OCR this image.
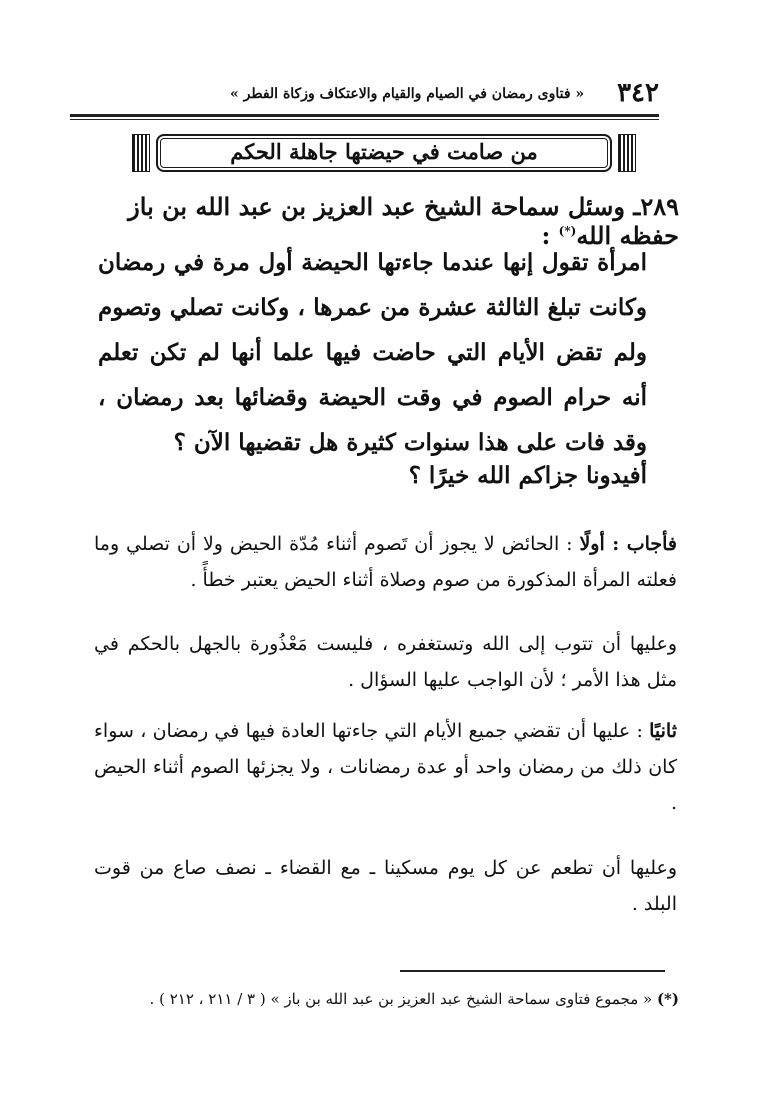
٣٤٢
« فتاوى رمضان في الصيام والقيام والاعتكاف وزكاة الفطر »
من صامت في حيضتها جاهلة الحكم
٢٨٩ـ وسئل سماحة الشيخ عبد العزيز بن عبد الله بن باز حفظه الله(*) :
امرأة تقول إنها عندما جاءتها الحيضة أول مرة في رمضان وكانت تبلغ الثالثة عشرة من عمرها ، وكانت تصلي وتصوم ولم تقض الأيام التي حاضت فيها علما أنها لم تكن تعلم أنه حرام الصوم في وقت الحيضة وقضائها بعد رمضان ، وقد فات على هذا سنوات كثيرة هل تقضيها الآن ؟
أفيدونا جزاكم الله خيرًا ؟
فأجاب : أولًا : الحائض لا يجوز أن تَصوم أثناء مُدّة الحيض ولا أن تصلي وما فعلته المرأة المذكورة من صوم وصلاة أثناء الحيض يعتبر خطأً .
وعليها أن تتوب إلى الله وتستغفره ، فليست مَعْذُورة بالجهل بالحكم في مثل هذا الأمر ؛ لأن الواجب عليها السؤال .
ثانيًا : عليها أن تقضي جميع الأيام التي جاءتها العادة فيها في رمضان ، سواء كان ذلك من رمضان واحد أو عدة رمضانات ، ولا يجزئها الصوم أثناء الحيض .
وعليها أن تطعم عن كل يوم مسكينا ـ مع القضاء ـ نصف صاع من قوت البلد .
(*) « مجموع فتاوى سماحة الشيخ عبد العزيز بن عبد الله بن باز » ( ٣ / ٢١١ ، ٢١٢ ) .
